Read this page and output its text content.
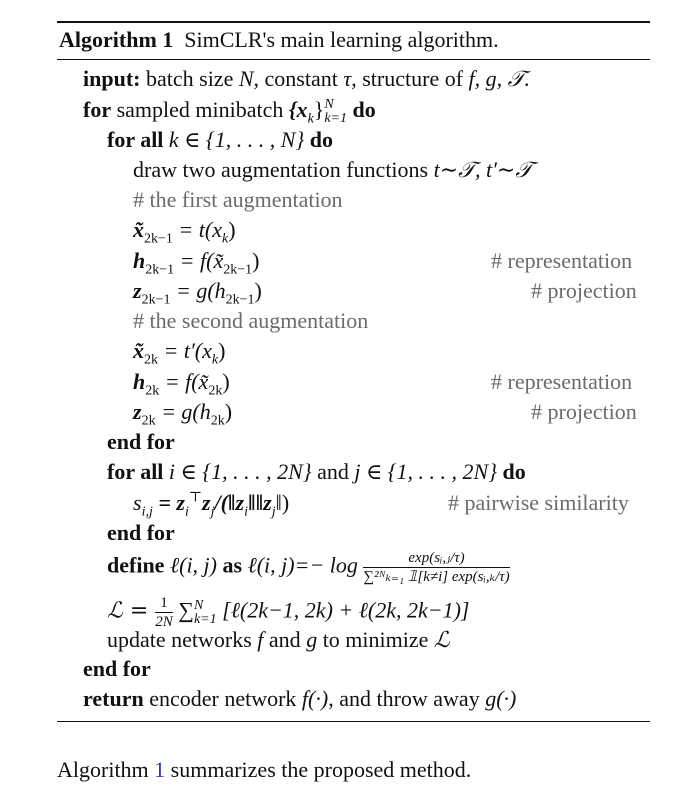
Algorithm 1 SimCLR's main learning algorithm.
input: batch size N, constant τ, structure of f, g, 𝒯.
for sampled minibatch $\{x_k\}$ N
k=1 do
for all k ∈ {1, . . . , N} do
draw two augmentation functions t∼𝒯, t′∼𝒯
# the first augmentation
$x̃_{2k-1} = t(x_k)$
$h_{2k-1}$ = $f(x̃_{2k-1})$	# representation
$z_{2k-1} = g(h_{2k-1})$	# projection
# the second augmentation
$x̃_{2k} = t'(x_k)$
$h_{2k}$ = $f(x̃_{2k})$	# representation
$z_{2k} = g(h_{2k})$	# projection
end for
for all i ∈ {1, . . . , 2N} and j ∈ {1, . . . , 2N} do
$s_{i,j}$ = $z_i^⊤z_j/(‖z_i‖‖z_j‖)$	# pairwise similarity
end for
define ℓ(i, j) as ℓ(i, $j)=- \log \frac{\text{exp(sᵢ,ⱼ/τ)}}{\text{∑²ᴺₖ₌₁ 𝟙[k≠i] exp(sᵢ,ₖ/τ)}}$
ℒ = $\frac{1}{2N}$ ∑ N
k=1 [ℓ(2k−1, 2k) + ℓ(2k, 2k−1)]
update networks f and g to minimize ℒ
end for
return encoder network f(·), and throw away g(·)
Algorithm 1 summarizes the proposed method.
